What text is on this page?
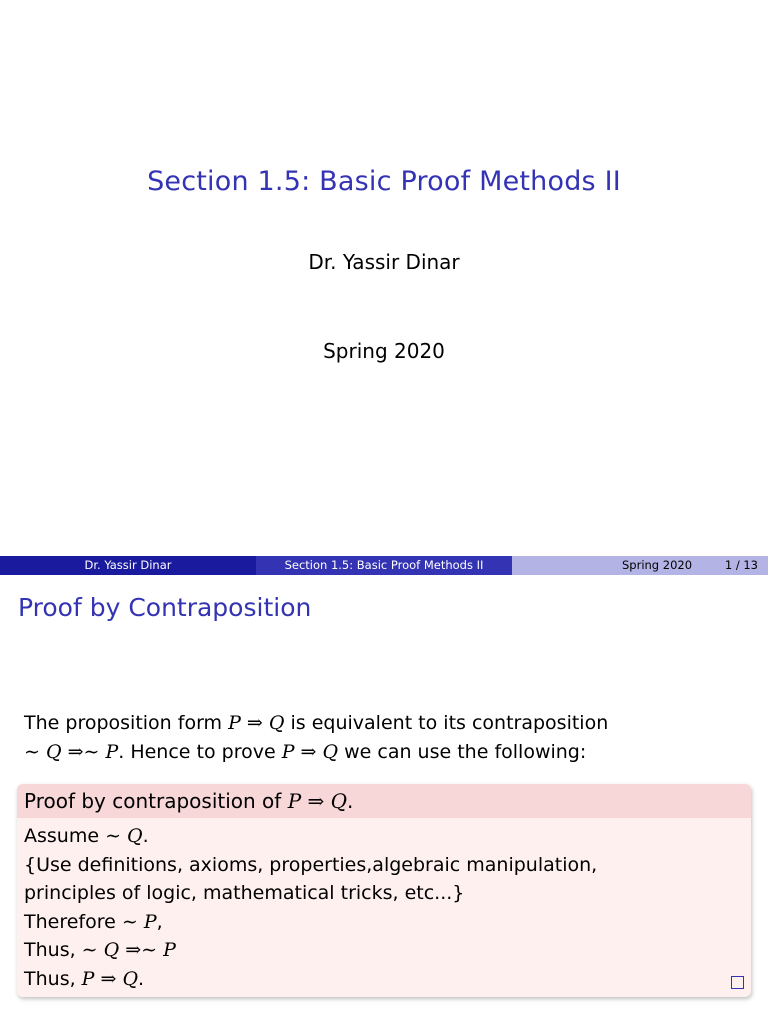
Section 1.5: Basic Proof Methods II
Dr. Yassir Dinar
Spring 2020
Dr. Yassir Dinar	Section 1.5: Basic Proof Methods II	Spring 2020	1 / 13
Proof by Contraposition
The proposition form P ⇒ Q is equivalent to its contraposition
∼ Q ⇒∼ P. Hence to prove P ⇒ Q we can use the following:
Proof by contraposition of P ⇒ Q.
Assume ∼ Q.
{Use definitions, axioms, properties,algebraic manipulation,
principles of logic, mathematical tricks, etc...}
Therefore ∼ P,
Thus, ∼ Q ⇒∼ P
Thus, P ⇒ Q.
